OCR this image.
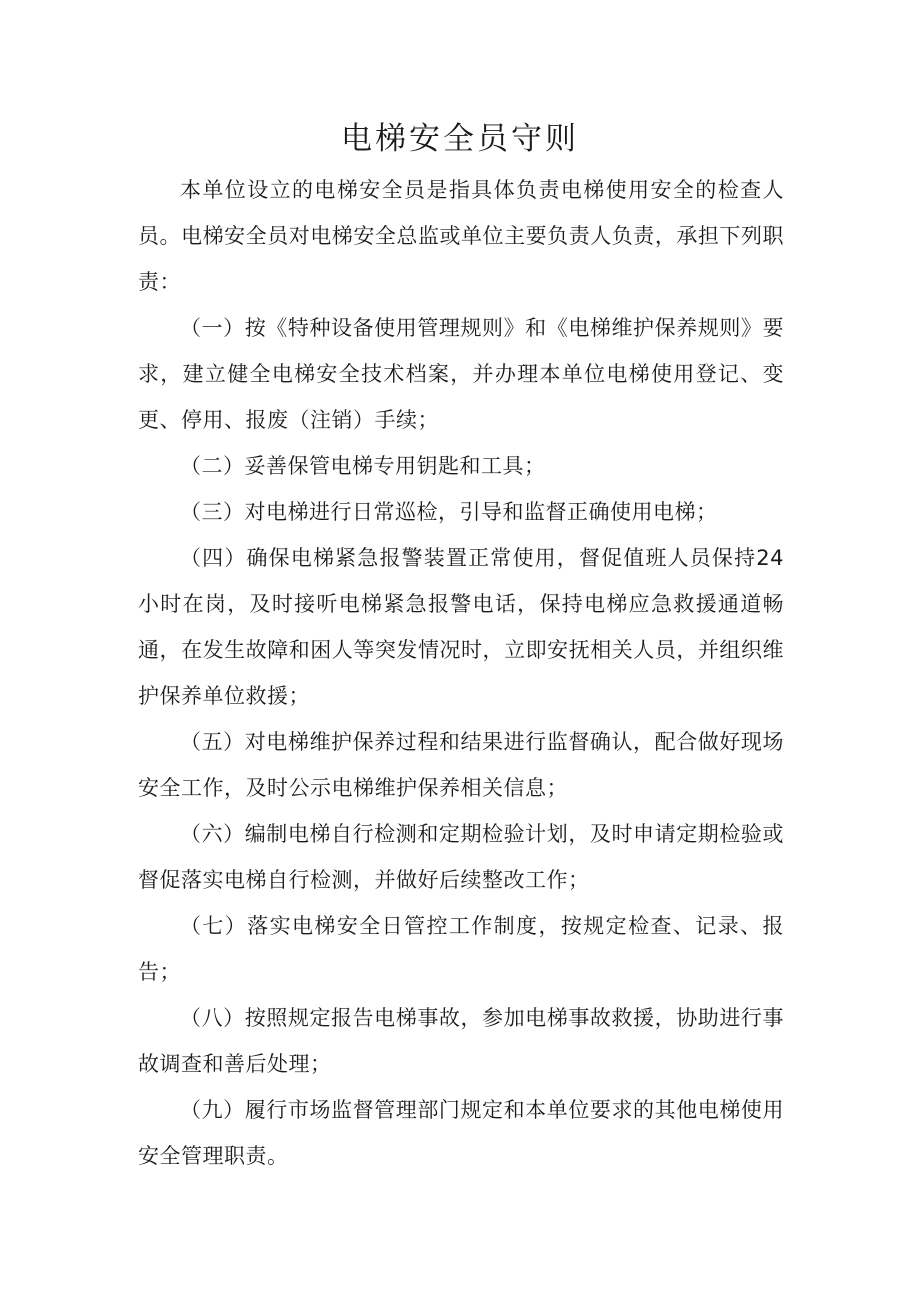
电梯安全员守则

本单位设立的电梯安全员是指具体负责电梯使用安全的检查人员。电梯安全员对电梯安全总监或单位主要负责人负责，承担下列职责：

（一）按《特种设备使用管理规则》和《电梯维护保养规则》要求，建立健全电梯安全技术档案，并办理本单位电梯使用登记、变更、停用、报废（注销）手续；

（二）妥善保管电梯专用钥匙和工具；

（三）对电梯进行日常巡检，引导和监督正确使用电梯；

（四）确保电梯紧急报警装置正常使用，督促值班人员保持24小时在岗，及时接听电梯紧急报警电话，保持电梯应急救援通道畅通，在发生故障和困人等突发情况时，立即安抚相关人员，并组织维护保养单位救援；

（五）对电梯维护保养过程和结果进行监督确认，配合做好现场安全工作，及时公示电梯维护保养相关信息；

（六）编制电梯自行检测和定期检验计划，及时申请定期检验或督促落实电梯自行检测，并做好后续整改工作；

（七）落实电梯安全日管控工作制度，按规定检查、记录、报告；

（八）按照规定报告电梯事故，参加电梯事故救援，协助进行事故调查和善后处理；

（九）履行市场监督管理部门规定和本单位要求的其他电梯使用安全管理职责。
